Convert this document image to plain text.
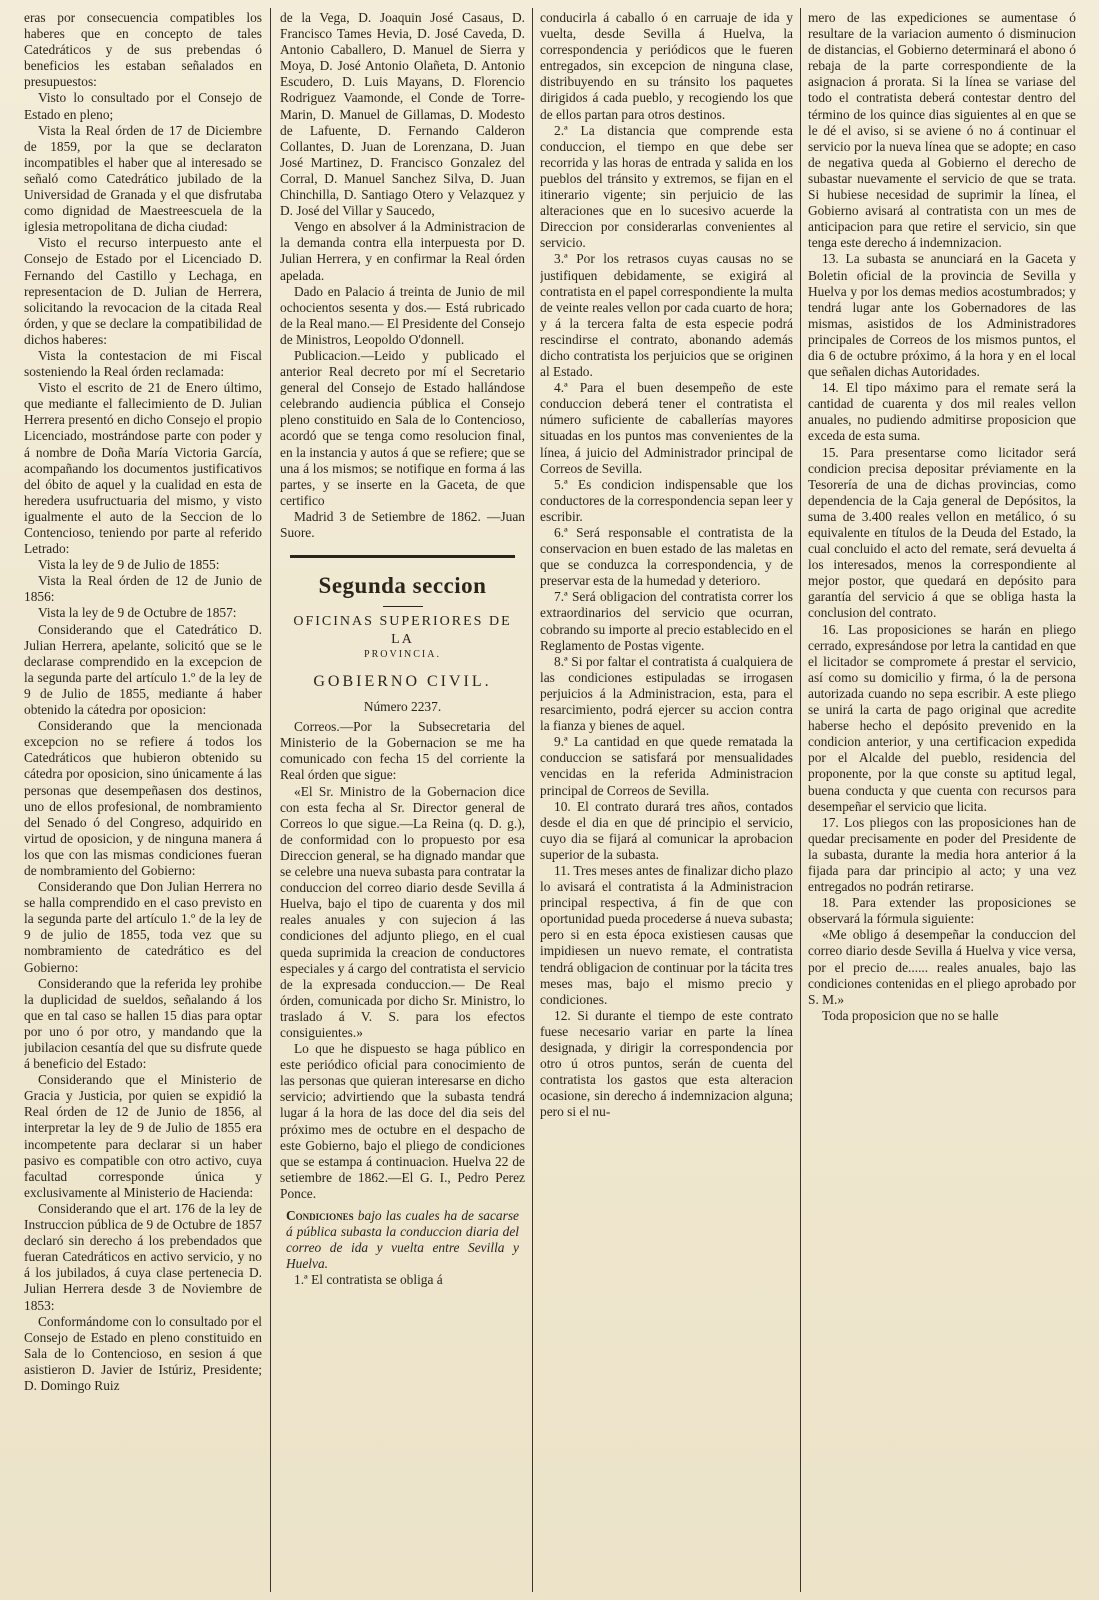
eras por consecuencia compatibles los haberes que en concepto de tales Catedráticos y de sus prebendas ó beneficios les estaban señalados en presupuestos:

Visto lo consultado por el Consejo de Estado en pleno;

Vista la Real órden de 17 de Diciembre de 1859, por la que se declaraton incompatibles el haber que al interesado se señaló como Catedrático jubilado de la Universidad de Granada y el que disfrutaba como dignidad de Maestreescuela de la iglesia metropolitana de dicha ciudad:

Visto el recurso interpuesto ante el Consejo de Estado por el Licenciado D. Fernando del Castillo y Lechaga, en representacion de D. Julian de Herrera, solicitando la revocacion de la citada Real órden, y que se declare la compatibilidad de dichos haberes:

Vista la contestacion de mi Fiscal sosteniendo la Real órden reclamada:

Visto el escrito de 21 de Enero último, que mediante el fallecimiento de D. Julian Herrera presentó en dicho Consejo el propio Licenciado, mostrándose parte con poder y á nombre de Doña María Victoria García, acompañando los documentos justificativos del óbito de aquel y la cualidad en esta de heredera usufructuaria del mismo, y visto igualmente el auto de la Seccion de lo Contencioso, teniendo por parte al referido Letrado:

Vista la ley de 9 de Julio de 1855:

Vista la Real órden de 12 de Junio de 1856:

Vista la ley de 9 de Octubre de 1857:

Considerando que el Catedrático D. Julian Herrera, apelante, solicitó que se le declarase comprendido en la excepcion de la segunda parte del artículo 1.º de la ley de 9 de Julio de 1855, mediante á haber obtenido la cátedra por oposicion:

Considerando que la mencionada excepcion no se refiere á todos los Catedráticos que hubieron obtenido su cátedra por oposicion, sino únicamente á las personas que desempeñasen dos destinos, uno de ellos profesional, de nombramiento del Senado ó del Congreso, adquirido en virtud de oposicion, y de ninguna manera á los que con las mismas condiciones fueran de nombramiento del Gobierno:

Considerando que Don Julian Herrera no se halla comprendido en el caso previsto en la segunda parte del artículo 1.º de la ley de 9 de julio de 1855, toda vez que su nombramiento de catedrático es del Gobierno:

Considerando que la referida ley prohibe la duplicidad de sueldos, señalando á los que en tal caso se hallen 15 dias para optar por uno ó por otro, y mandando que la jubilacion cesantía del que su disfrute quede á beneficio del Estado:

Considerando que el Ministerio de Gracia y Justicia, por quien se expidió la Real órden de 12 de Junio de 1856, al interpretar la ley de 9 de Julio de 1855 era incompetente para declarar si un haber pasivo es compatible con otro activo, cuya facultad corresponde única y exclusivamente al Ministerio de Hacienda:

Considerando que el art. 176 de la ley de Instruccion pública de 9 de Octubre de 1857 declaró sin derecho á los prebendados que fueran Catedráticos en activo servicio, y no á los jubilados, á cuya clase pertenecia D. Julian Herrera desde 3 de Noviembre de 1853:

Conformándome con lo consultado por el Consejo de Estado en pleno constituido en Sala de lo Contencioso, en sesion á que asistieron D. Javier de Istúriz, Presidente; D. Domingo Ruiz

de la Vega, D. Joaquin José Casaus, D. Francisco Tames Hevia, D. José Caveda, D. Antonio Caballero, D. Manuel de Sierra y Moya, D. José Antonio Olañeta, D. Antonio Escudero, D. Luis Mayans, D. Florencio Rodriguez Vaamonde, el Conde de Torre-Marin, D. Manuel de Gillamas, D. Modesto de Lafuente, D. Fernando Calderon Collantes, D. Juan de Lorenzana, D. Juan José Martinez, D. Francisco Gonzalez del Corral, D. Manuel Sanchez Silva, D. Juan Chinchilla, D. Santiago Otero y Velazquez y D. José del Villar y Saucedo,

Vengo en absolver á la Administracion de la demanda contra ella interpuesta por D. Julian Herrera, y en confirmar la Real órden apelada.

Dado en Palacio á treinta de Junio de mil ochocientos sesenta y dos.— Está rubricado de la Real mano.— El Presidente del Consejo de Ministros, Leopoldo O'donnell.

Publicacion.—Leido y publicado el anterior Real decreto por mí el Secretario general del Consejo de Estado hallándose celebrando audiencia pública el Consejo pleno constituido en Sala de lo Contencioso, acordó que se tenga como resolucion final, en la instancia y autos á que se refiere; que se una á los mismos; se notifique en forma á las partes, y se inserte en la Gaceta, de que certifico

Madrid 3 de Setiembre de 1862. —Juan Suore.

Segunda seccion

OFICINAS SUPERIORES DE LA

PROVINCIA.

GOBIERNO CIVIL.

Número 2237.

Correos.—Por la Subsecretaria del Ministerio de la Gobernacion se me ha comunicado con fecha 15 del corriente la Real órden que sigue:

«El Sr. Ministro de la Gobernacion dice con esta fecha al Sr. Director general de Correos lo que sigue.—La Reina (q. D. g.), de conformidad con lo propuesto por esa Direccion general, se ha dignado mandar que se celebre una nueva subasta para contratar la conduccion del correo diario desde Sevilla á Huelva, bajo el tipo de cuarenta y dos mil reales anuales y con sujecion á las condiciones del adjunto pliego, en el cual queda suprimida la creacion de conductores especiales y á cargo del contratista el servicio de la expresada conduccion.— De Real órden, comunicada por dicho Sr. Ministro, lo traslado á V. S. para los efectos consiguientes.»

Lo que he dispuesto se haga público en este periódico oficial para conocimiento de las personas que quieran interesarse en dicho servicio; advirtiendo que la subasta tendrá lugar á la hora de las doce del dia seis del próximo mes de octubre en el despacho de este Gobierno, bajo el pliego de condiciones que se estampa á continuacion. Huelva 22 de setiembre de 1862.—El G. I., Pedro Perez Ponce.

Condiciones bajo las cuales ha de sacarse á pública subasta la conduccion diaria del correo de ida y vuelta entre Sevilla y Huelva.

1.ª El contratista se obliga á

conducirla á caballo ó en carruaje de ida y vuelta, desde Sevilla á Huelva, la correspondencia y periódicos que le fueren entregados, sin excepcion de ninguna clase, distribuyendo en su tránsito los paquetes dirigidos á cada pueblo, y recogiendo los que de ellos partan para otros destinos.

2.ª La distancia que comprende esta conduccion, el tiempo en que debe ser recorrida y las horas de entrada y salida en los pueblos del tránsito y extremos, se fijan en el itinerario vigente; sin perjuicio de las alteraciones que en lo sucesivo acuerde la Direccion por considerarlas convenientes al servicio.

3.ª Por los retrasos cuyas causas no se justifiquen debidamente, se exigirá al contratista en el papel correspondiente la multa de veinte reales vellon por cada cuarto de hora; y á la tercera falta de esta especie podrá rescindirse el contrato, abonando además dicho contratista los perjuicios que se originen al Estado.

4.ª Para el buen desempeño de este conduccion deberá tener el contratista el número suficiente de caballerías mayores situadas en los puntos mas convenientes de la línea, á juicio del Administrador principal de Correos de Sevilla.

5.ª Es condicion indispensable que los conductores de la correspondencia sepan leer y escribir.

6.ª Será responsable el contratista de la conservacion en buen estado de las maletas en que se conduzca la correspondencia, y de preservar esta de la humedad y deterioro.

7.ª Será obligacion del contratista correr los extraordinarios del servicio que ocurran, cobrando su importe al precio establecido en el Reglamento de Postas vigente.

8.ª Si por faltar el contratista á cualquiera de las condiciones estipuladas se irrogasen perjuicios á la Administracion, esta, para el resarcimiento, podrá ejercer su accion contra la fianza y bienes de aquel.

9.ª La cantidad en que quede rematada la conduccion se satisfará por mensualidades vencidas en la referida Administracion principal de Correos de Sevilla.

10. El contrato durará tres años, contados desde el dia en que dé principio el servicio, cuyo dia se fijará al comunicar la aprobacion superior de la subasta.

11. Tres meses antes de finalizar dicho plazo lo avisará el contratista á la Administracion principal respectiva, á fin de que con oportunidad pueda procederse á nueva subasta; pero si en esta época existiesen causas que impidiesen un nuevo remate, el contratista tendrá obligacion de continuar por la tácita tres meses mas, bajo el mismo precio y condiciones.

12. Si durante el tiempo de este contrato fuese necesario variar en parte la línea designada, y dirigir la correspondencia por otro ú otros puntos, serán de cuenta del contratista los gastos que esta alteracion ocasione, sin derecho á indemnizacion alguna; pero si el nu-

mero de las expediciones se aumentase ó resultare de la variacion aumento ó disminucion de distancias, el Gobierno determinará el abono ó rebaja de la parte correspondiente de la asignacion á prorata. Si la línea se variase del todo el contratista deberá contestar dentro del término de los quince dias siguientes al en que se le dé el aviso, si se aviene ó no á continuar el servicio por la nueva línea que se adopte; en caso de negativa queda al Gobierno el derecho de subastar nuevamente el servicio de que se trata. Si hubiese necesidad de suprimir la línea, el Gobierno avisará al contratista con un mes de anticipacion para que retire el servicio, sin que tenga este derecho á indemnizacion.

13. La subasta se anunciará en la Gaceta y Boletin oficial de la provincia de Sevilla y Huelva y por los demas medios acostumbrados; y tendrá lugar ante los Gobernadores de las mismas, asistidos de los Administradores principales de Correos de los mismos puntos, el dia 6 de octubre próximo, á la hora y en el local que señalen dichas Autoridades.

14. El tipo máximo para el remate será la cantidad de cuarenta y dos mil reales vellon anuales, no pudiendo admitirse proposicion que exceda de esta suma.

15. Para presentarse como licitador será condicion precisa depositar préviamente en la Tesorería de una de dichas provincias, como dependencia de la Caja general de Depósitos, la suma de 3.400 reales vellon en metálico, ó su equivalente en títulos de la Deuda del Estado, la cual concluido el acto del remate, será devuelta á los interesados, menos la correspondiente al mejor postor, que quedará en depósito para garantía del servicio á que se obliga hasta la conclusion del contrato.

16. Las proposiciones se harán en pliego cerrado, expresándose por letra la cantidad en que el licitador se compromete á prestar el servicio, así como su domicilio y firma, ó la de persona autorizada cuando no sepa escribir. A este pliego se unirá la carta de pago original que acredite haberse hecho el depósito prevenido en la condicion anterior, y una certificacion expedida por el Alcalde del pueblo, residencia del proponente, por la que conste su aptitud legal, buena conducta y que cuenta con recursos para desempeñar el servicio que licita.

17. Los pliegos con las proposiciones han de quedar precisamente en poder del Presidente de la subasta, durante la media hora anterior á la fijada para dar principio al acto; y una vez entregados no podrán retirarse.

18. Para extender las proposiciones se observará la fórmula siguiente:

«Me obligo á desempeñar la conduccion del correo diario desde Sevilla á Huelva y vice versa, por el precio de...... reales anuales, bajo las condiciones contenidas en el pliego aprobado por S. M.»

Toda proposicion que no se halle
